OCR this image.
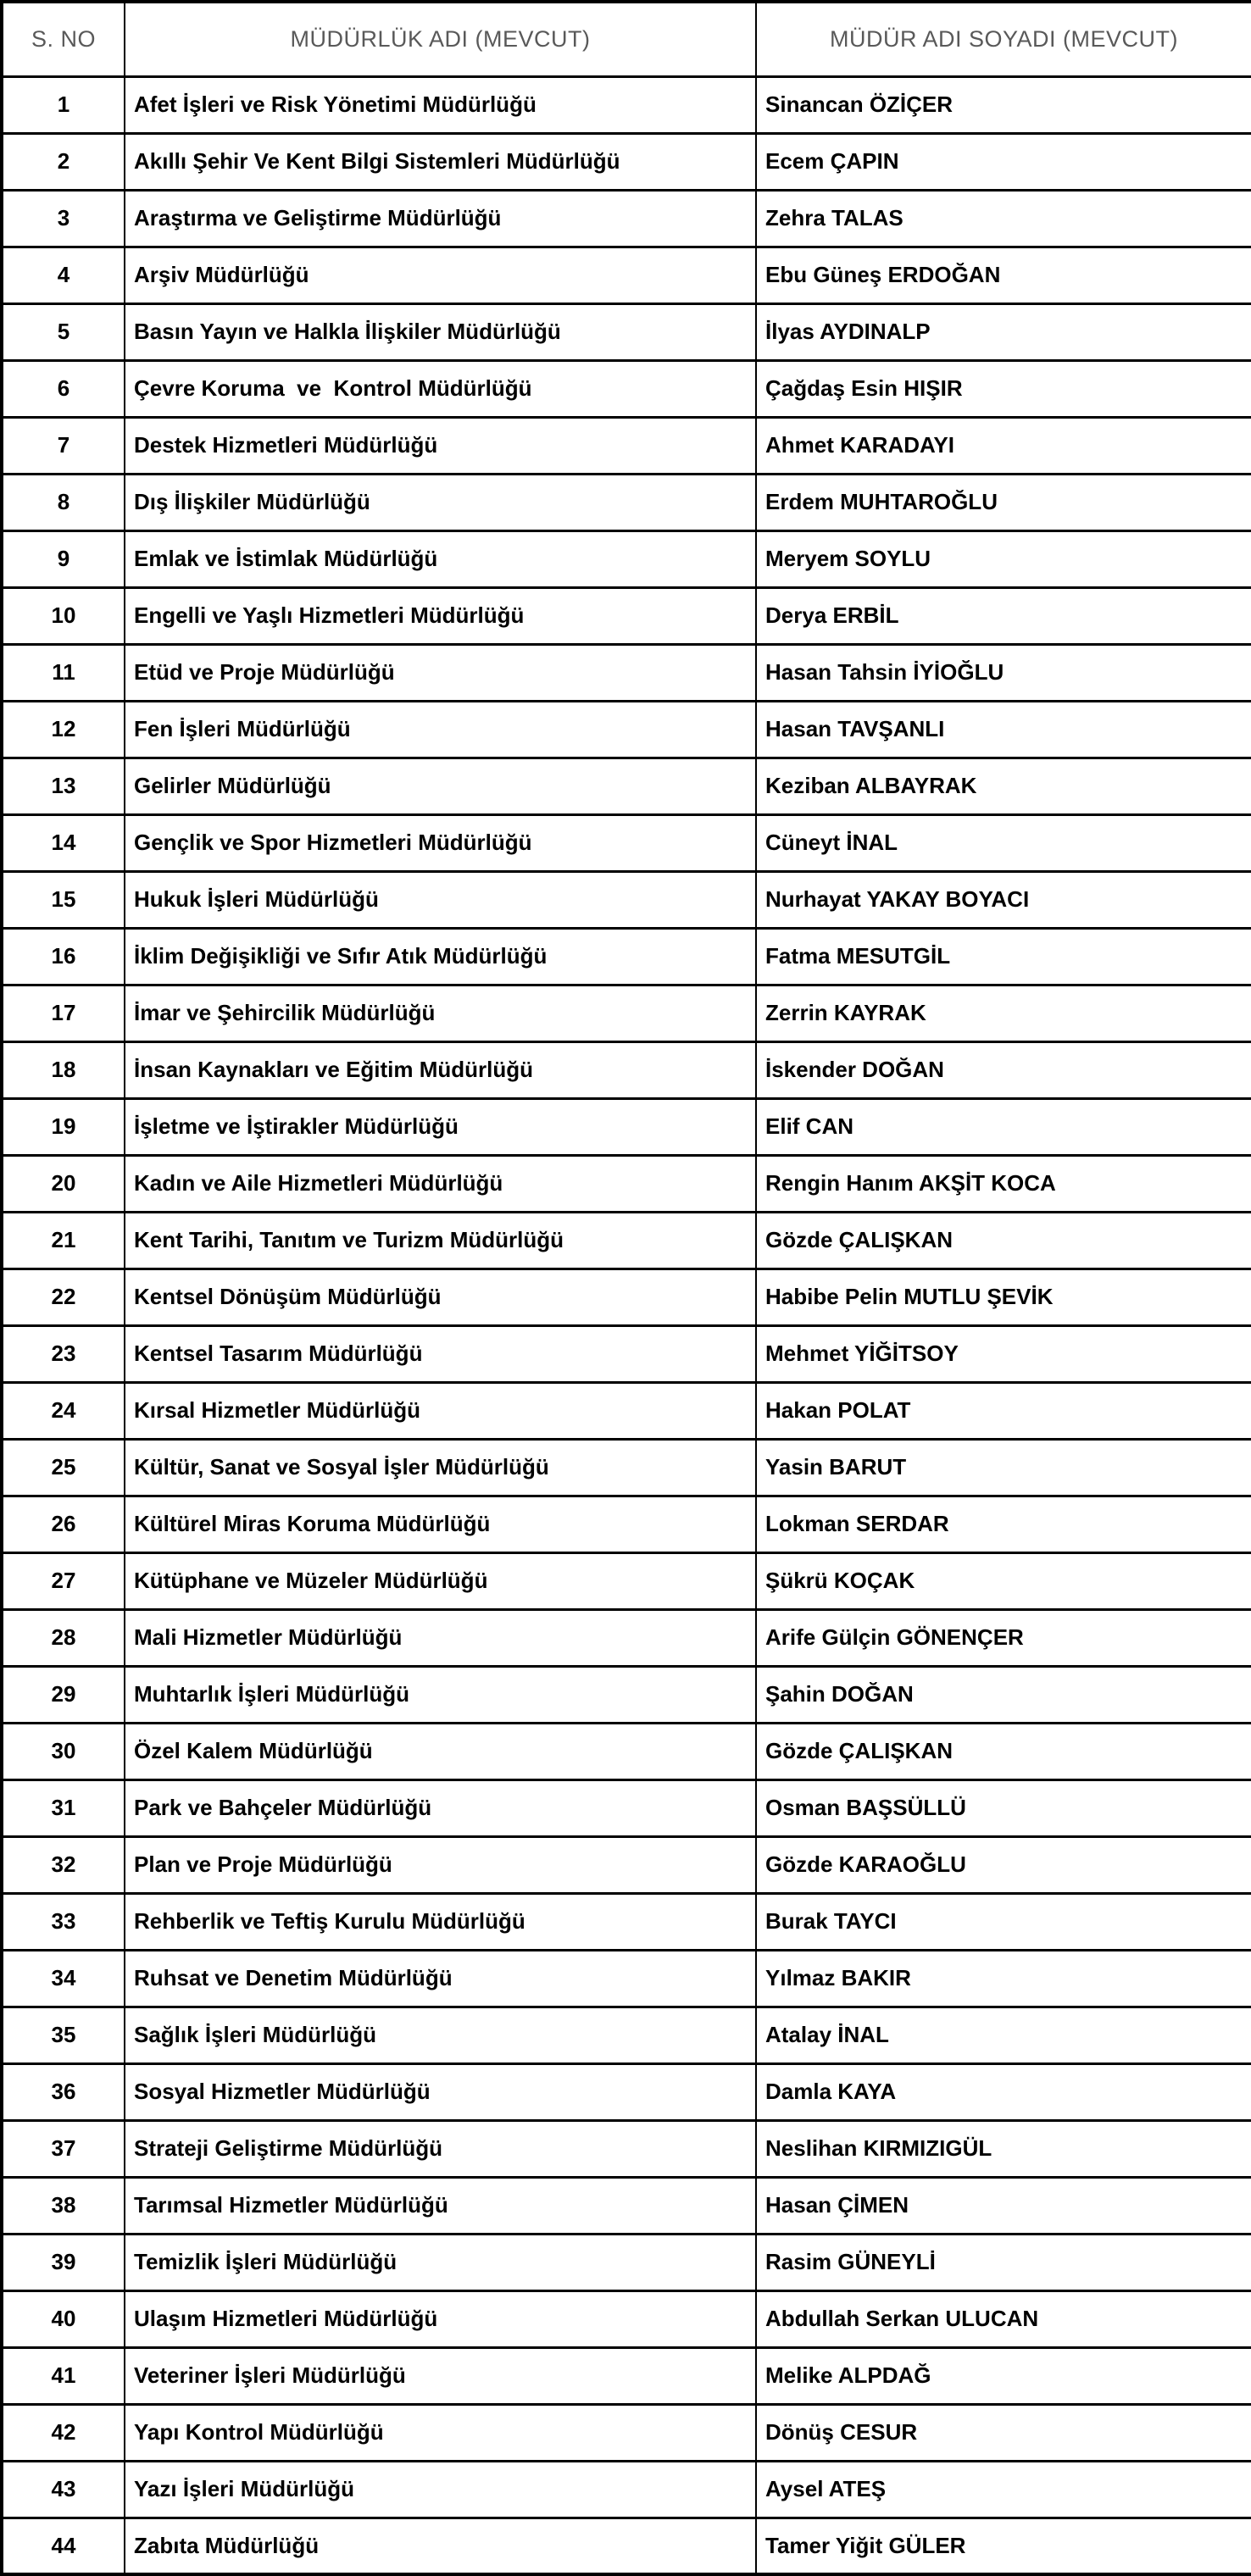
S. NO	MÜDÜRLÜK ADI (MEVCUT)	MÜDÜR ADI SOYADI (MEVCUT)
1	Afet İşleri ve Risk Yönetimi Müdürlüğü	Sinancan ÖZİÇER
2	Akıllı Şehir Ve Kent Bilgi Sistemleri Müdürlüğü	Ecem ÇAPIN
3	Araştırma ve Geliştirme Müdürlüğü	Zehra TALAS
4	Arşiv Müdürlüğü	Ebu Güneş ERDOĞAN
5	Basın Yayın ve Halkla İlişkiler Müdürlüğü	İlyas AYDINALP
6	Çevre Koruma  ve  Kontrol Müdürlüğü	Çağdaş Esin HIŞIR
7	Destek Hizmetleri Müdürlüğü	Ahmet KARADAYI
8	Dış İlişkiler Müdürlüğü	Erdem MUHTAROĞLU
9	Emlak ve İstimlak Müdürlüğü	Meryem SOYLU
10	Engelli ve Yaşlı Hizmetleri Müdürlüğü	Derya ERBİL
11	Etüd ve Proje Müdürlüğü	Hasan Tahsin İYİOĞLU
12	Fen İşleri Müdürlüğü	Hasan TAVŞANLI
13	Gelirler Müdürlüğü	Keziban ALBAYRAK
14	Gençlik ve Spor Hizmetleri Müdürlüğü	Cüneyt İNAL
15	Hukuk İşleri Müdürlüğü	Nurhayat YAKAY BOYACI
16	İklim Değişikliği ve Sıfır Atık Müdürlüğü	Fatma MESUTGİL
17	İmar ve Şehircilik Müdürlüğü	Zerrin KAYRAK
18	İnsan Kaynakları ve Eğitim Müdürlüğü	İskender DOĞAN
19	İşletme ve İştirakler Müdürlüğü	Elif CAN
20	Kadın ve Aile Hizmetleri Müdürlüğü	Rengin Hanım AKŞİT KOCA
21	Kent Tarihi, Tanıtım ve Turizm Müdürlüğü	Gözde ÇALIŞKAN
22	Kentsel Dönüşüm Müdürlüğü	Habibe Pelin MUTLU ŞEVİK
23	Kentsel Tasarım Müdürlüğü	Mehmet YİĞİTSOY
24	Kırsal Hizmetler Müdürlüğü	Hakan POLAT
25	Kültür, Sanat ve Sosyal İşler Müdürlüğü	Yasin BARUT
26	Kültürel Miras Koruma Müdürlüğü	Lokman SERDAR
27	Kütüphane ve Müzeler Müdürlüğü	Şükrü KOÇAK
28	Mali Hizmetler Müdürlüğü	Arife Gülçin GÖNENÇER
29	Muhtarlık İşleri Müdürlüğü	Şahin DOĞAN
30	Özel Kalem Müdürlüğü	Gözde ÇALIŞKAN
31	Park ve Bahçeler Müdürlüğü	Osman BAŞSÜLLÜ
32	Plan ve Proje Müdürlüğü	Gözde KARAOĞLU
33	Rehberlik ve Teftiş Kurulu Müdürlüğü	Burak TAYCI
34	Ruhsat ve Denetim Müdürlüğü	Yılmaz BAKIR
35	Sağlık İşleri Müdürlüğü	Atalay İNAL
36	Sosyal Hizmetler Müdürlüğü	Damla KAYA
37	Strateji Geliştirme Müdürlüğü	Neslihan KIRMIZIGÜL
38	Tarımsal Hizmetler Müdürlüğü	Hasan ÇİMEN
39	Temizlik İşleri Müdürlüğü	Rasim GÜNEYLİ
40	Ulaşım Hizmetleri Müdürlüğü	Abdullah Serkan ULUCAN
41	Veteriner İşleri Müdürlüğü	Melike ALPDAĞ
42	Yapı Kontrol Müdürlüğü	Dönüş CESUR
43	Yazı İşleri Müdürlüğü	Aysel ATEŞ
44	Zabıta Müdürlüğü	Tamer Yiğit GÜLER
